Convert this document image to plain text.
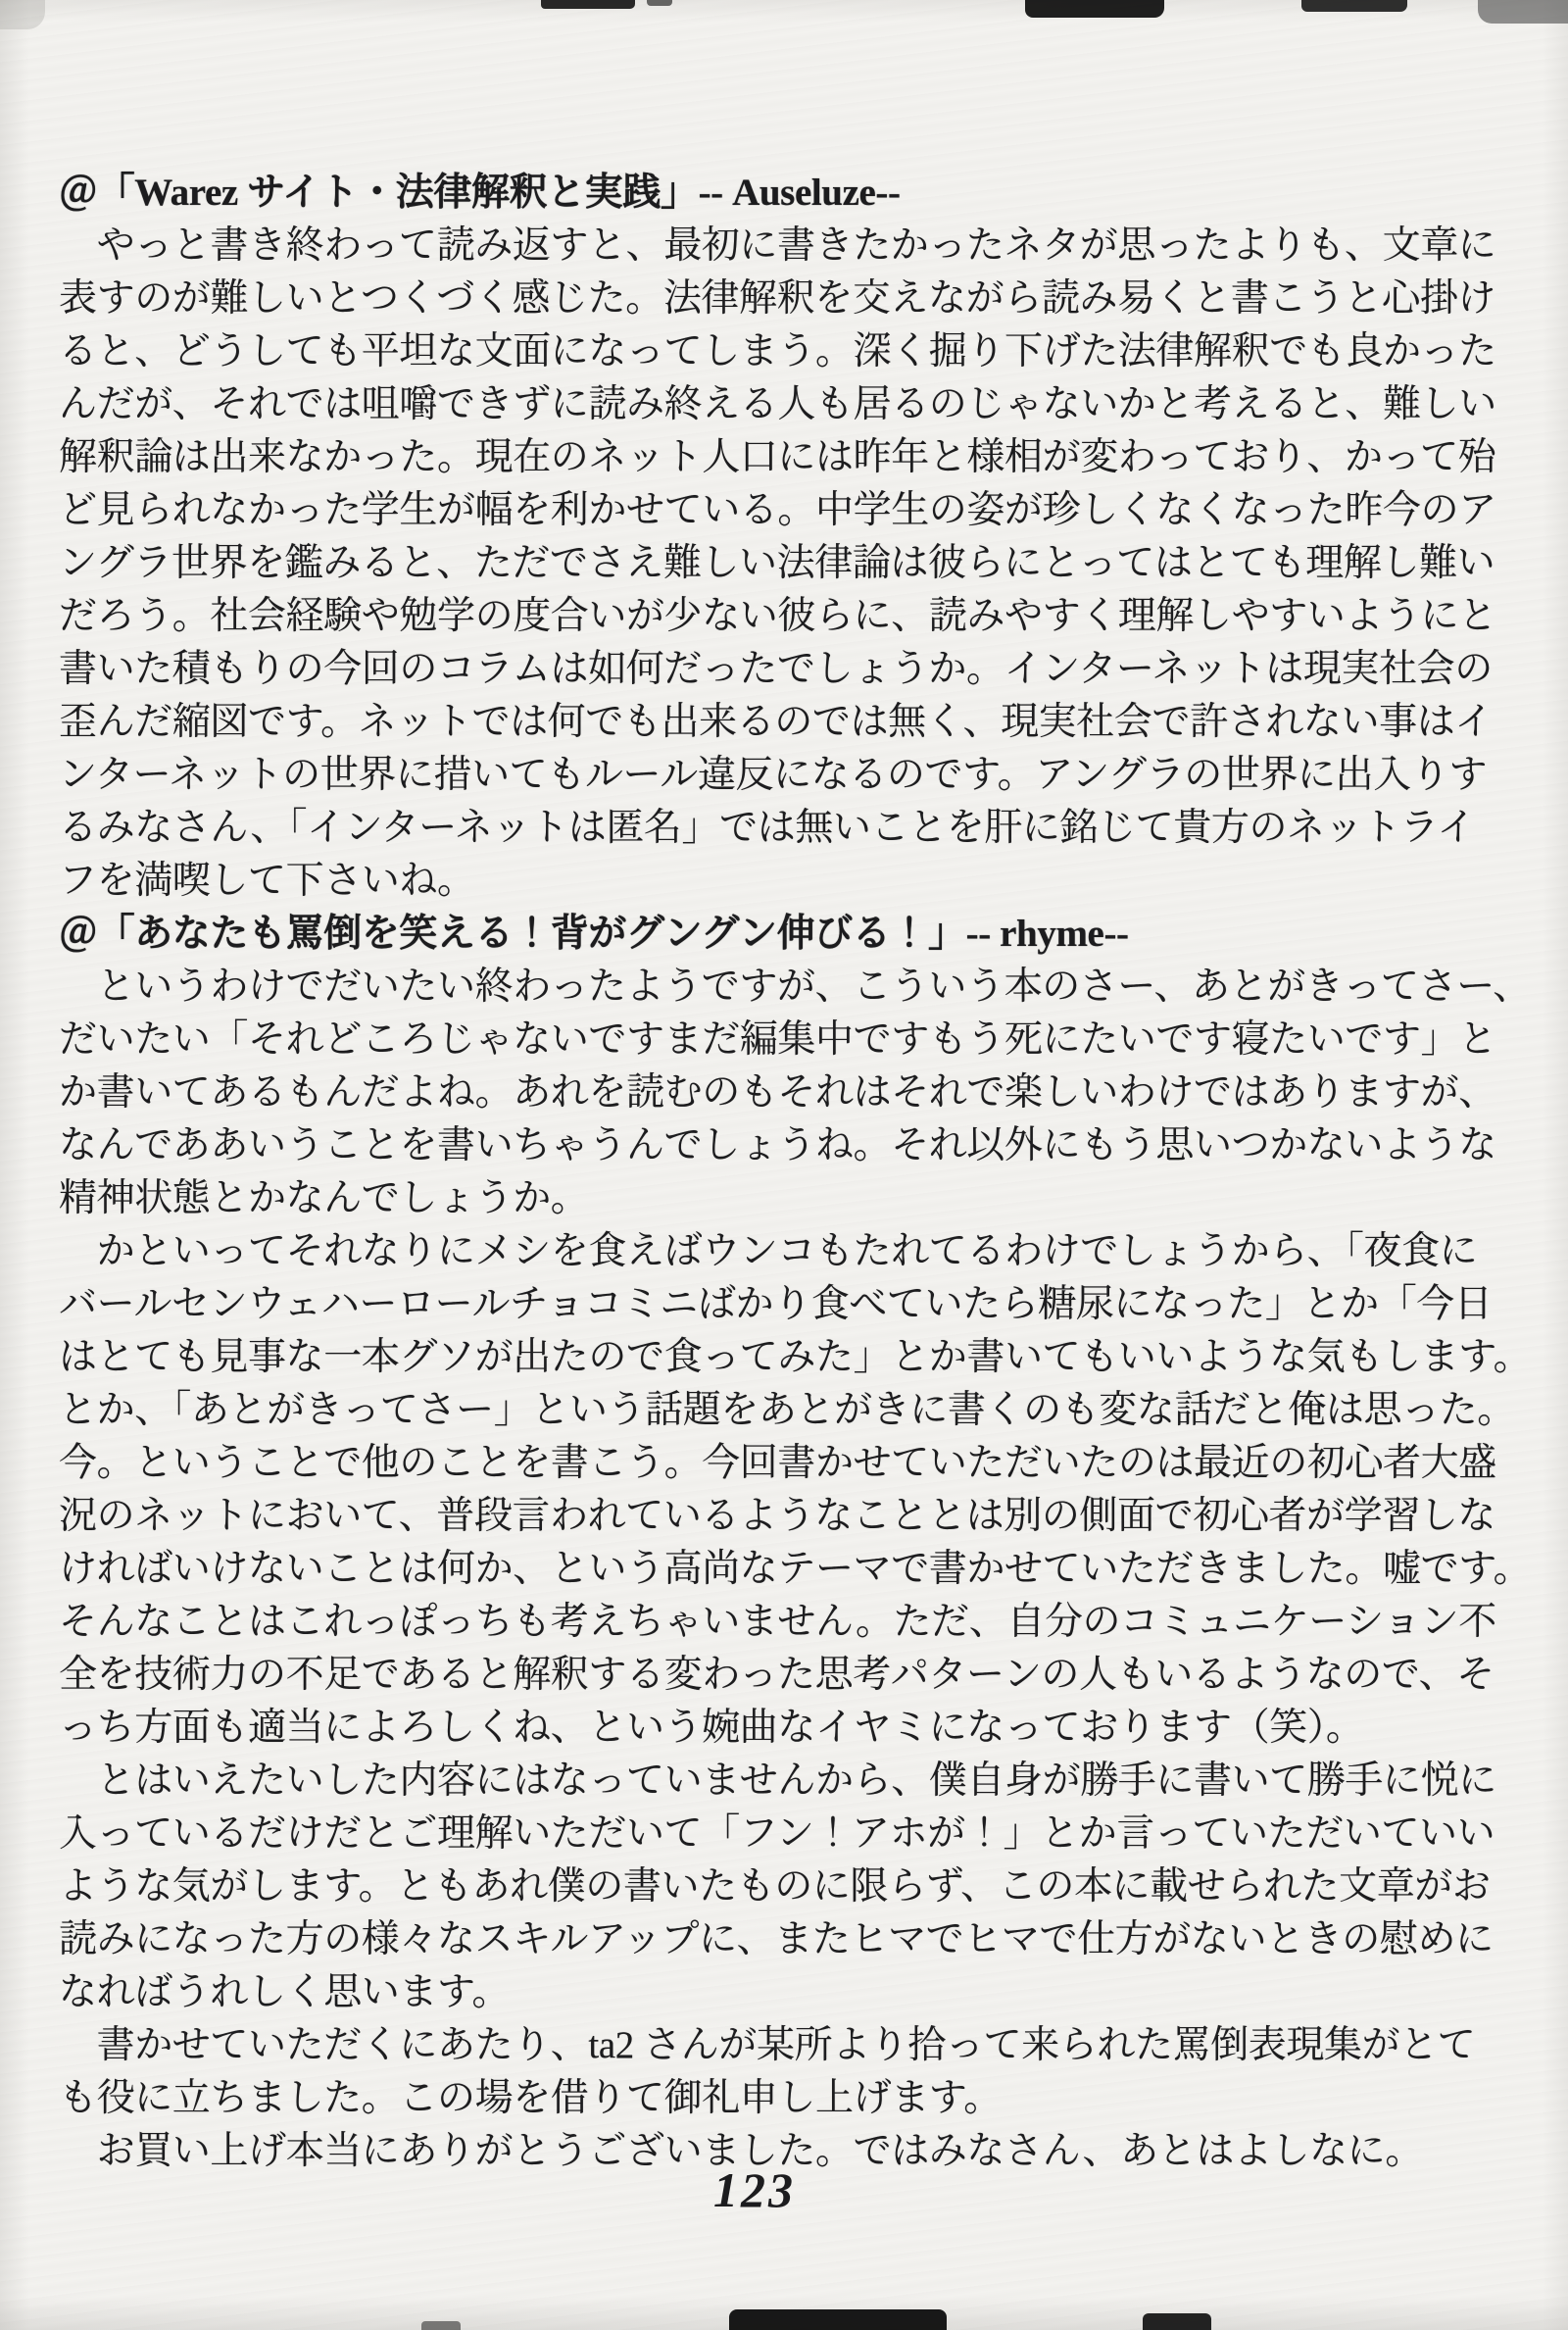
＠「Warez サイト・法律解釈と実践」-- Auseluze--
　やっと書き終わって読み返すと、最初に書きたかったネタが思ったよりも、文章に
表すのが難しいとつくづく感じた。法律解釈を交えながら読み易くと書こうと心掛け
ると、どうしても平坦な文面になってしまう。深く掘り下げた法律解釈でも良かった
んだが、それでは咀嚼できずに読み終える人も居るのじゃないかと考えると、難しい
解釈論は出来なかった。現在のネット人口には昨年と様相が変わっており、かって殆
ど見られなかった学生が幅を利かせている。中学生の姿が珍しくなくなった昨今のア
ングラ世界を鑑みると、ただでさえ難しい法律論は彼らにとってはとても理解し難い
だろう。社会経験や勉学の度合いが少ない彼らに、読みやすく理解しやすいようにと
書いた積もりの今回のコラムは如何だったでしょうか。インターネットは現実社会の
歪んだ縮図です。ネットでは何でも出来るのでは無く、現実社会で許されない事はイ
ンターネットの世界に措いてもルール違反になるのです。アングラの世界に出入りす
るみなさん、「インターネットは匿名」では無いことを肝に銘じて貴方のネットライ
フを満喫して下さいね。
＠「あなたも罵倒を笑える！背がグングン伸びる！」-- rhyme--
　というわけでだいたい終わったようですが、こういう本のさー、あとがきってさー、
だいたい「それどころじゃないですまだ編集中ですもう死にたいです寝たいです」と
か書いてあるもんだよね。あれを読むのもそれはそれで楽しいわけではありますが、
なんでああいうことを書いちゃうんでしょうね。それ以外にもう思いつかないような
精神状態とかなんでしょうか。
　かといってそれなりにメシを食えばウンコもたれてるわけでしょうから、「夜食に
バールセンウェハーロールチョコミニばかり食べていたら糖尿になった」とか「今日
はとても見事な一本グソが出たので食ってみた」とか書いてもいいような気もします。
とか、「あとがきってさー」という話題をあとがきに書くのも変な話だと俺は思った。
今。ということで他のことを書こう。今回書かせていただいたのは最近の初心者大盛
況のネットにおいて、普段言われているようなこととは別の側面で初心者が学習しな
ければいけないことは何か、という高尚なテーマで書かせていただきました。嘘です。
そんなことはこれっぽっちも考えちゃいません。ただ、自分のコミュニケーション不
全を技術力の不足であると解釈する変わった思考パターンの人もいるようなので、そ
っち方面も適当によろしくね、という婉曲なイヤミになっております（笑）。
　とはいえたいした内容にはなっていませんから、僕自身が勝手に書いて勝手に悦に
入っているだけだとご理解いただいて「フン！アホが！」とか言っていただいていい
ような気がします。ともあれ僕の書いたものに限らず、この本に載せられた文章がお
読みになった方の様々なスキルアップに、またヒマでヒマで仕方がないときの慰めに
なればうれしく思います。
　書かせていただくにあたり、ta2 さんが某所より拾って来られた罵倒表現集がとて
も役に立ちました。この場を借りて御礼申し上げます。
　お買い上げ本当にありがとうございました。ではみなさん、あとはよしなに。
123
